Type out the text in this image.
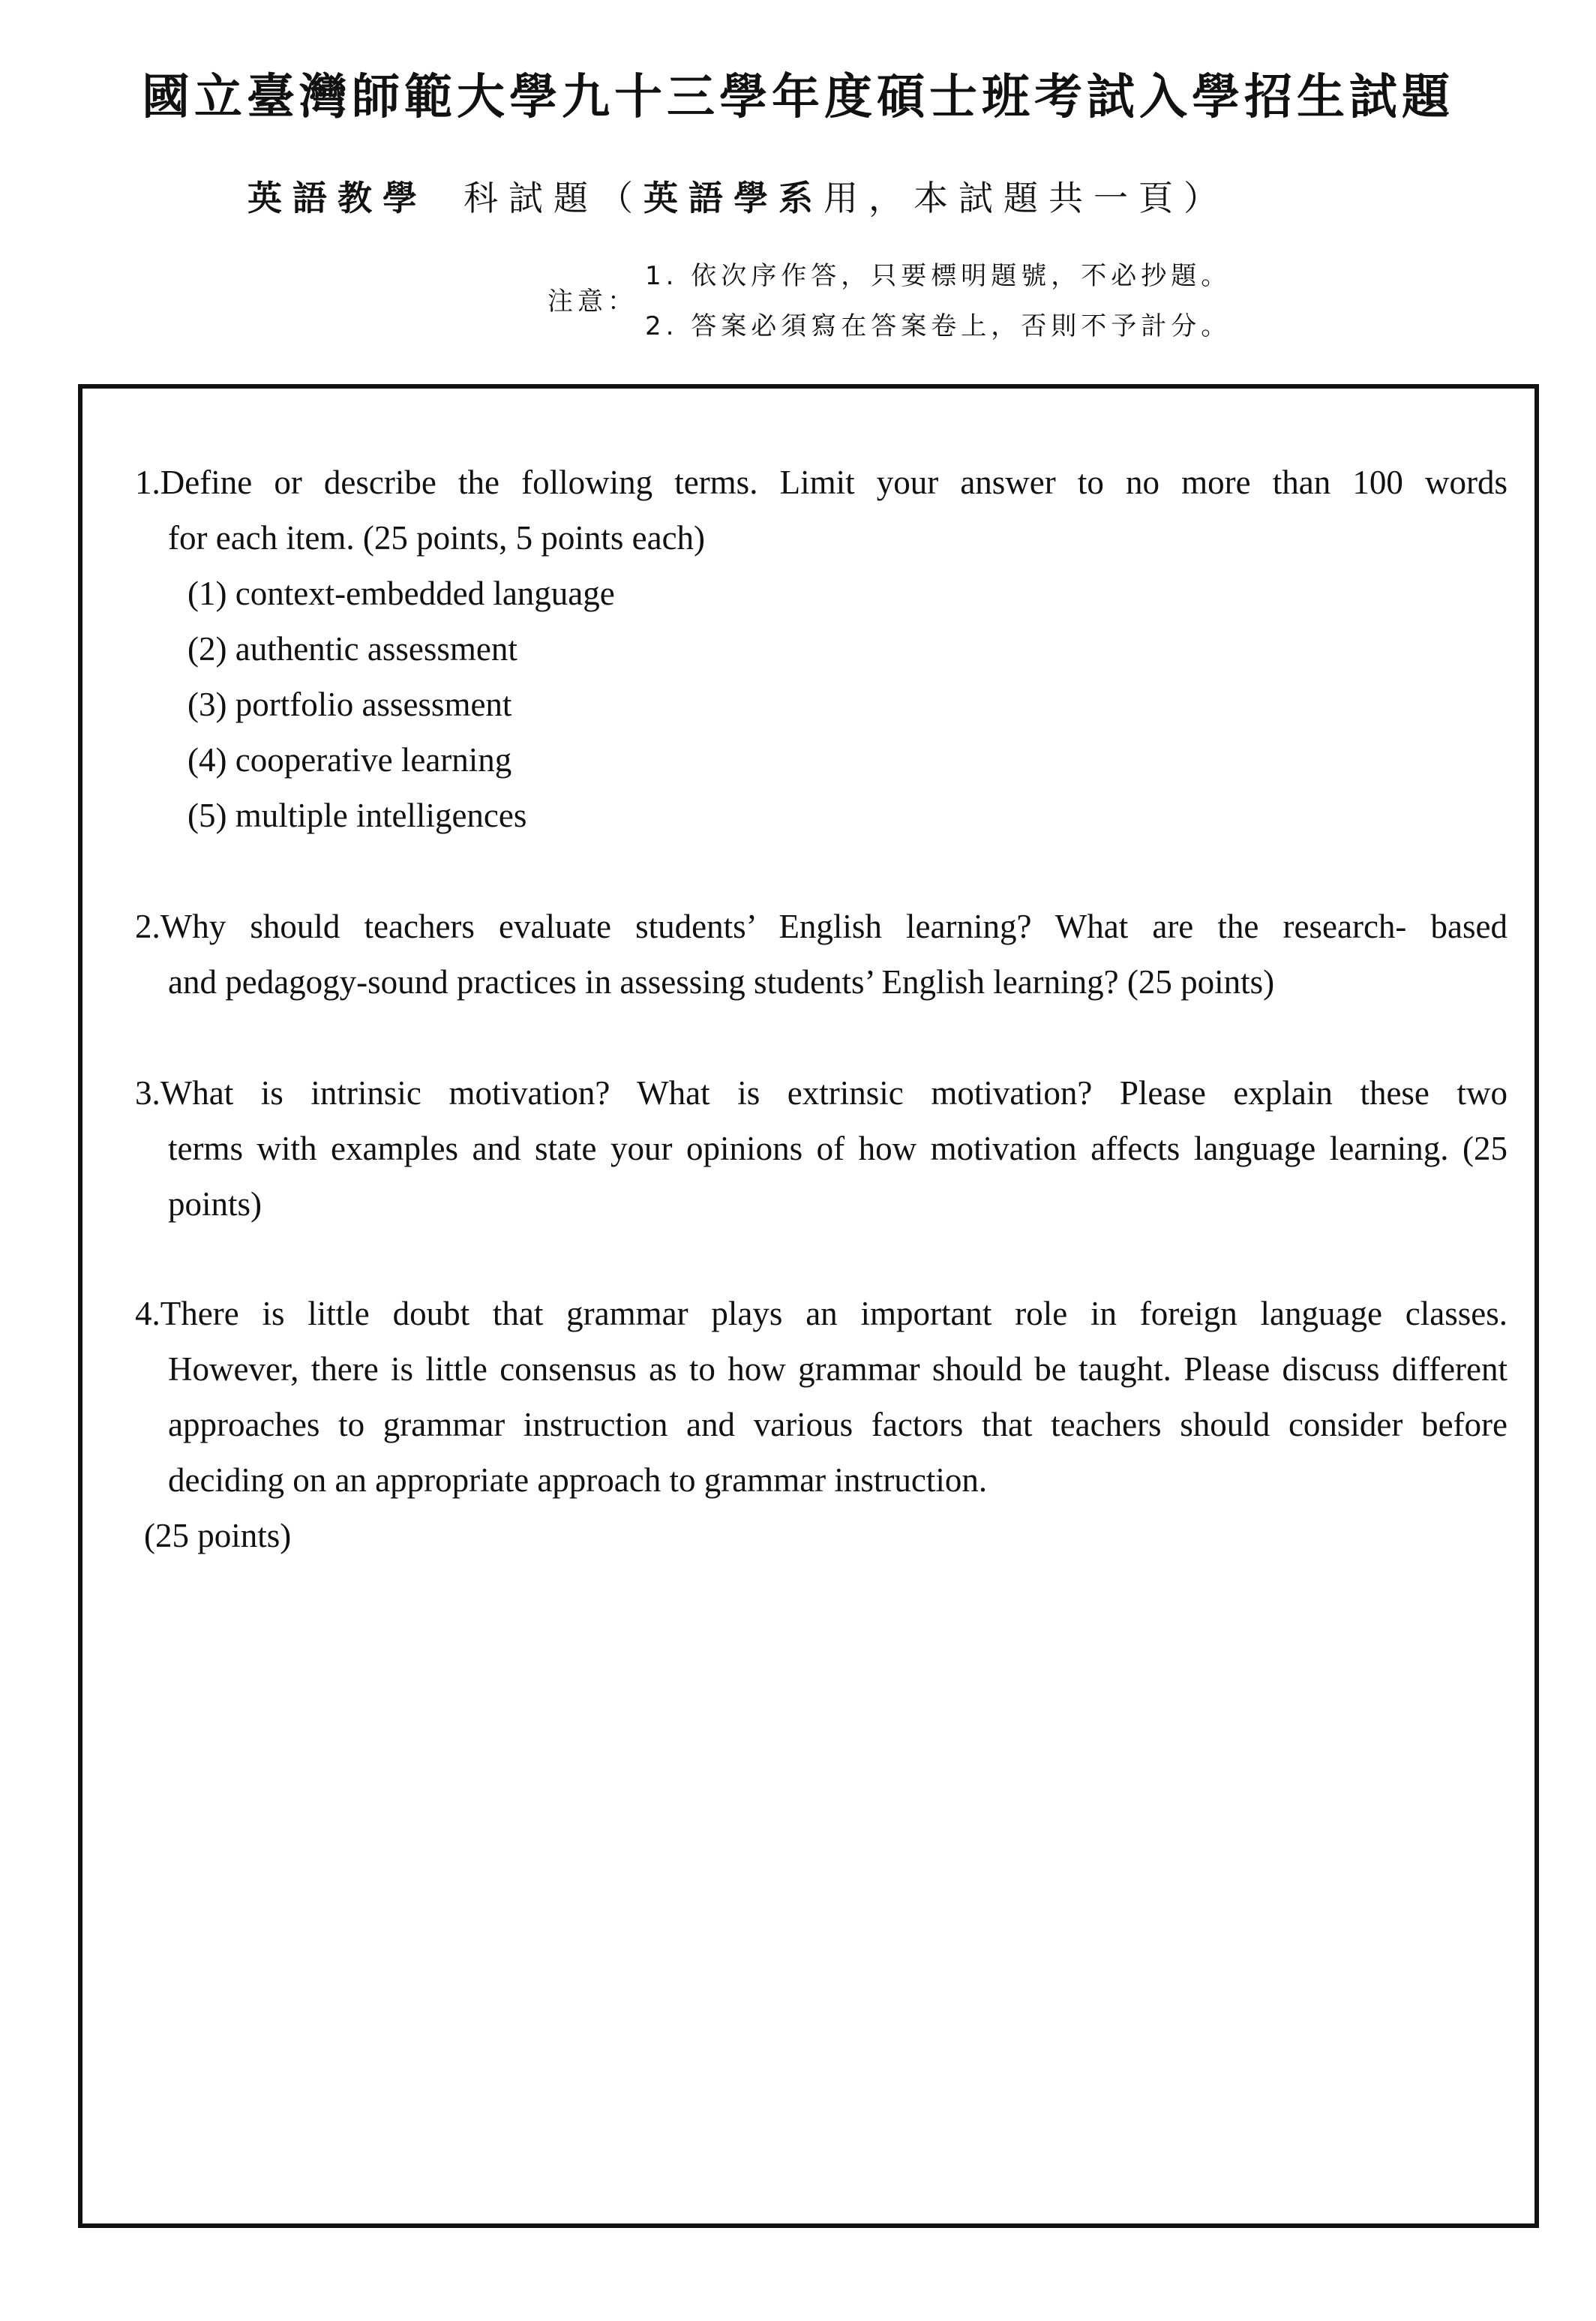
國立臺灣師範大學九十三學年度碩士班考試入學招生試題
英語教學 科試題（英語學系用，本試題共一頁）
注意：
1. 依次序作答，只要標明題號，不必抄題。
2. 答案必須寫在答案卷上，否則不予計分。
1.Define or describe the following terms. Limit your answer to no more than 100 words
for each item. (25 points, 5 points each)
(1) context-embedded language
(2) authentic assessment
(3) portfolio assessment
(4) cooperative learning
(5) multiple intelligences
2.Why should teachers evaluate students’ English learning? What are the research- based
and pedagogy-sound practices in assessing students’ English learning? (25 points)
3.What is intrinsic motivation? What is extrinsic motivation? Please explain these two
terms with examples and state your opinions of how motivation affects language learning. (25 points)
4.There is little doubt that grammar plays an important role in foreign language classes.
However, there is little consensus as to how grammar should be taught. Please discuss different approaches to grammar instruction and various factors that teachers should consider before deciding on an appropriate approach to grammar instruction.
(25 points)
